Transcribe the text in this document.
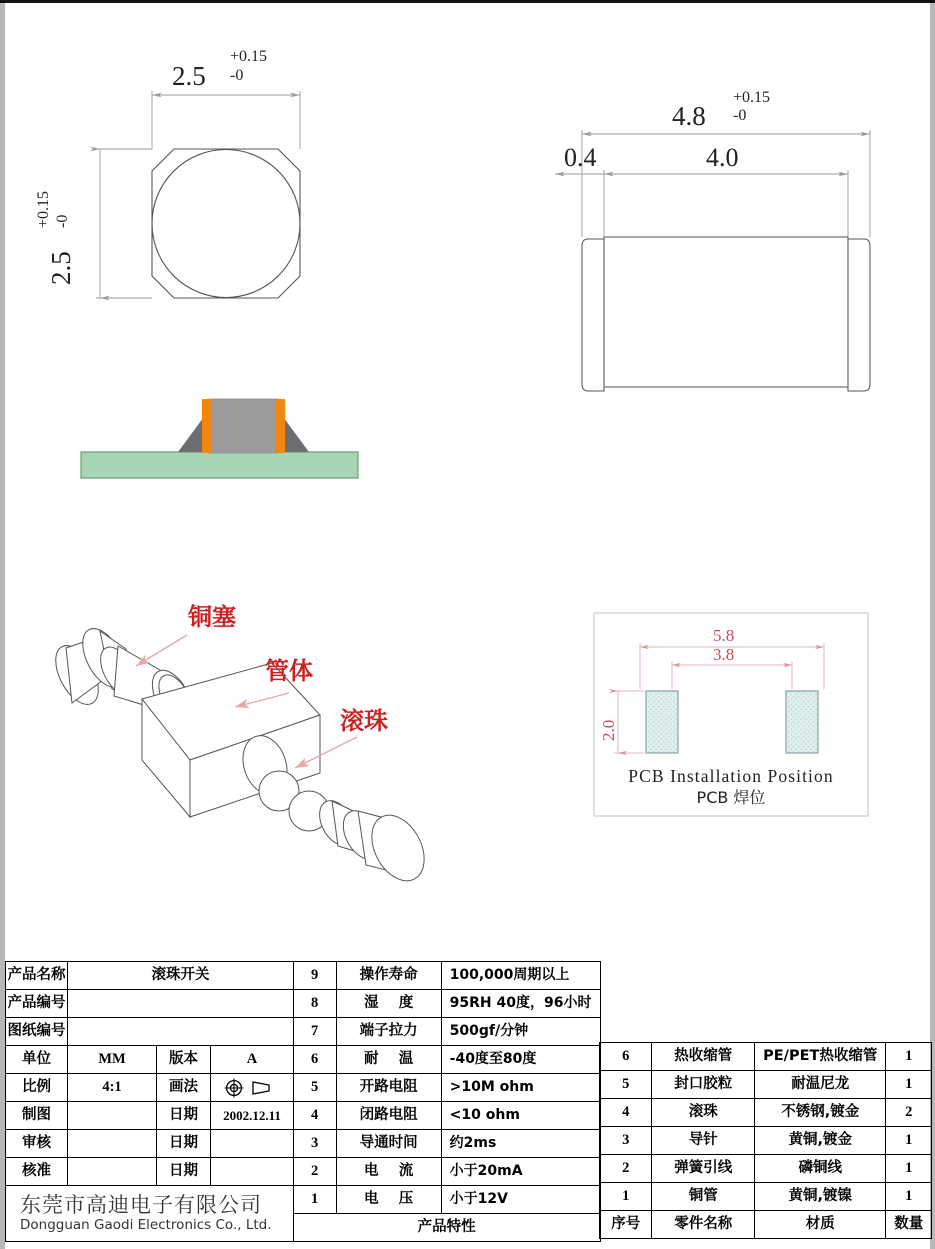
2.5
+0.15
-0
2.5
+0.15 -0
4.8
+0.15
-0
0.4	4.0
铜塞
管体
滚珠
5.8
3.8
2.0
PCB Installation Position
PCB 焊位
产品名称	滚珠开关		
产品编号			
图纸编号			
单位	MM	版本	A
比例	4:1	画法	
制图		日期	2002.12.11
审核		日期	
核准		日期	

东莞市高迪电子有限公司
Dongguan Gaodi Electronics Co., Ltd.			
9	操作寿命	100,000周期以上
8	湿    度	95RH 40度，96小时
7	端子拉力	500gf/分钟
6	耐    温	-40度至80度
5	开路电阻	>10M ohm
4	闭路电阻	<10 ohm
3	导通时间	约2ms
2	电    流	小于20mA
1	电    压	小于12V
产品特性		

6	热收缩管	PE/PET热收缩管	1
5	封口胶粒	耐温尼龙	1
4	滚珠	不锈钢,镀金	2
3	导针	黄铜,镀金	1
2	弹簧引线	磷铜线	1
1	铜管	黄铜,镀镍	1
序号	零件名称	材质	数量
